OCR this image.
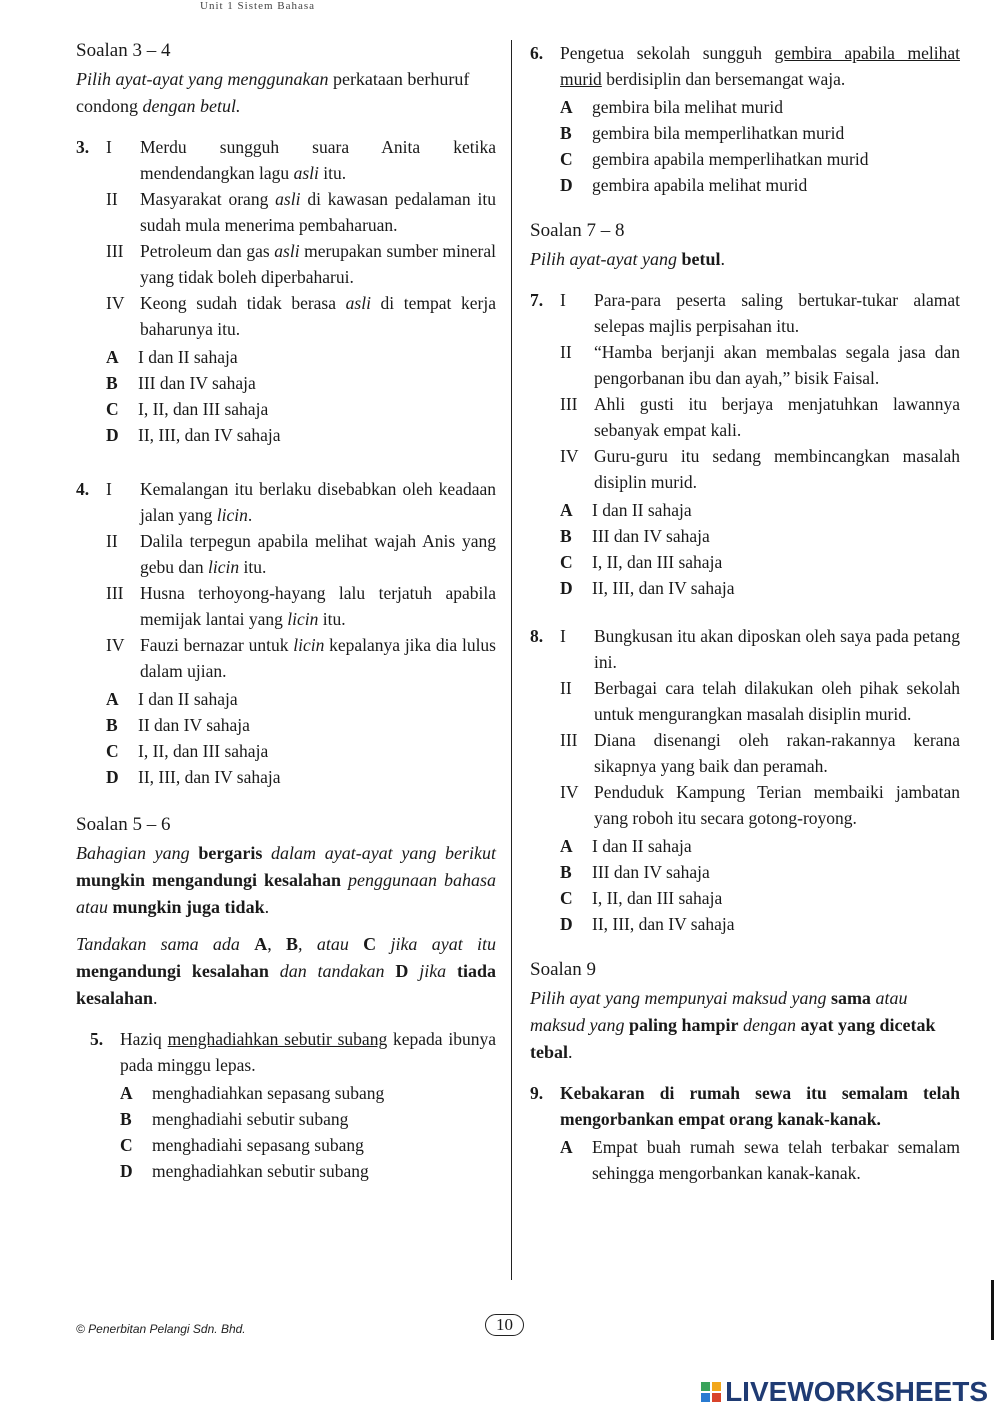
Unit 1 Sistem Bahasa
Soalan 3 – 4
Pilih ayat-ayat yang menggunakan perkataan berhuruf condong dengan betul.
3. I	Merdu sungguh suara Anita ketika mendendangkan lagu asli itu.
II	Masyarakat orang asli di kawasan pedalaman itu sudah mula menerima pembaharuan.
III Petroleum dan gas asli merupakan sumber mineral yang tidak boleh diperbaharui.
IV Keong sudah tidak berasa asli di tempat kerja baharunya itu.
A	I dan II sahaja
B	III dan IV sahaja
C	I, II, dan III sahaja
D	II, III, dan IV sahaja
4. I	Kemalangan itu berlaku disebabkan oleh keadaan jalan yang licin.
II	Dalila terpegun apabila melihat wajah Anis yang gebu dan licin itu.
III Husna terhoyong-hayang lalu terjatuh apabila memijak lantai yang licin itu.
IV Fauzi bernazar untuk licin kepalanya jika dia lulus dalam ujian.
A	I dan II sahaja
B	II dan IV sahaja
C	I, II, dan III sahaja
D	II, III, dan IV sahaja
Soalan 5 – 6
Bahagian yang bergaris dalam ayat-ayat yang berikut mungkin mengandungi kesalahan penggunaan bahasa atau mungkin juga tidak.
Tandakan sama ada A, B, atau C jika ayat itu mengandungi kesalahan dan tandakan D jika tiada kesalahan.
5. Haziq menghadiahkan sebutir subang kepada ibunya pada minggu lepas.
A	menghadiahkan sepasang subang
B	menghadiahi sebutir subang
C	menghadiahi sepasang subang
D	menghadiahkan sebutir subang
6. Pengetua sekolah sungguh gembira apabila melihat murid berdisiplin dan bersemangat waja.
A	gembira bila melihat murid
B	gembira bila memperlihatkan murid
C	gembira apabila memperlihatkan murid
D	gembira apabila melihat murid
Soalan 7 – 8
Pilih ayat-ayat yang betul.
7. I	Para-para peserta saling bertukar-tukar alamat selepas majlis perpisahan itu.
II	“Hamba berjanji akan membalas segala jasa dan pengorbanan ibu dan ayah,” bisik Faisal.
III Ahli gusti itu berjaya menjatuhkan lawannya sebanyak empat kali.
IV Guru-guru itu sedang membincangkan masalah disiplin murid.
A	I dan II sahaja
B	III dan IV sahaja
C	I, II, dan III sahaja
D	II, III, dan IV sahaja
8. I	Bungkusan itu akan diposkan oleh saya pada petang ini.
II	Berbagai cara telah dilakukan oleh pihak sekolah untuk mengurangkan masalah disiplin murid.
III Diana disenangi oleh rakan-rakannya kerana sikapnya yang baik dan peramah.
IV Penduduk Kampung Terian membaiki jambatan yang roboh itu secara gotong-royong.
A	I dan II sahaja
B	III dan IV sahaja
C	I, II, dan III sahaja
D	II, III, dan IV sahaja
Soalan 9
Pilih ayat yang mempunyai maksud yang sama atau maksud yang paling hampir dengan ayat yang dicetak tebal.
9. Kebakaran di rumah sewa itu semalam telah mengorbankan empat orang kanak-kanak.
A	Empat buah rumah sewa telah terbakar semalam sehingga mengorbankan kanak-kanak.
© Penerbitan Pelangi Sdn. Bhd.	10
LIVEWORKSHEETS
